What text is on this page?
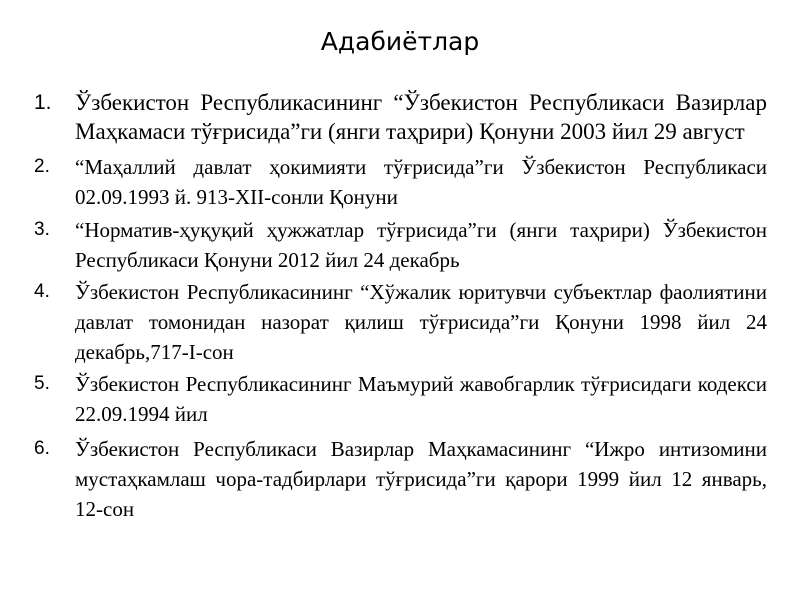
Адабиётлар
1. Ўзбекистон Республикасининг “Ўзбекистон Республикаси Вазирлар Маҳкамаси тўғрисида”ги (янги таҳрири) Қонуни 2003 йил 29 август
2. “Маҳаллий давлат ҳокимияти тўғрисида”ги Ўзбекистон Республикаси 02.09.1993 й. 913-XII-сонли Қонуни
3. “Норматив-ҳуқуқий ҳужжатлар тўғрисида”ги (янги таҳрири) Ўзбекистон Республикаси Қонуни 2012 йил 24 декабрь
4. Ўзбекистон Республикасининг “Хўжалик юритувчи субъектлар фаолиятини давлат томонидан назорат қилиш тўғрисида”ги Қонуни 1998 йил 24 декабрь,717-I-сон
5. Ўзбекистон Республикасининг Маъмурий жавобгарлик тўғрисидаги кодекси 22.09.1994 йил
6. Ўзбекистон Республикаси Вазирлар Маҳкамасининг “Ижро интизомини мустаҳкамлаш чора-тадбирлари тўғрисида”ги қарори 1999 йил 12 январь, 12-сон
